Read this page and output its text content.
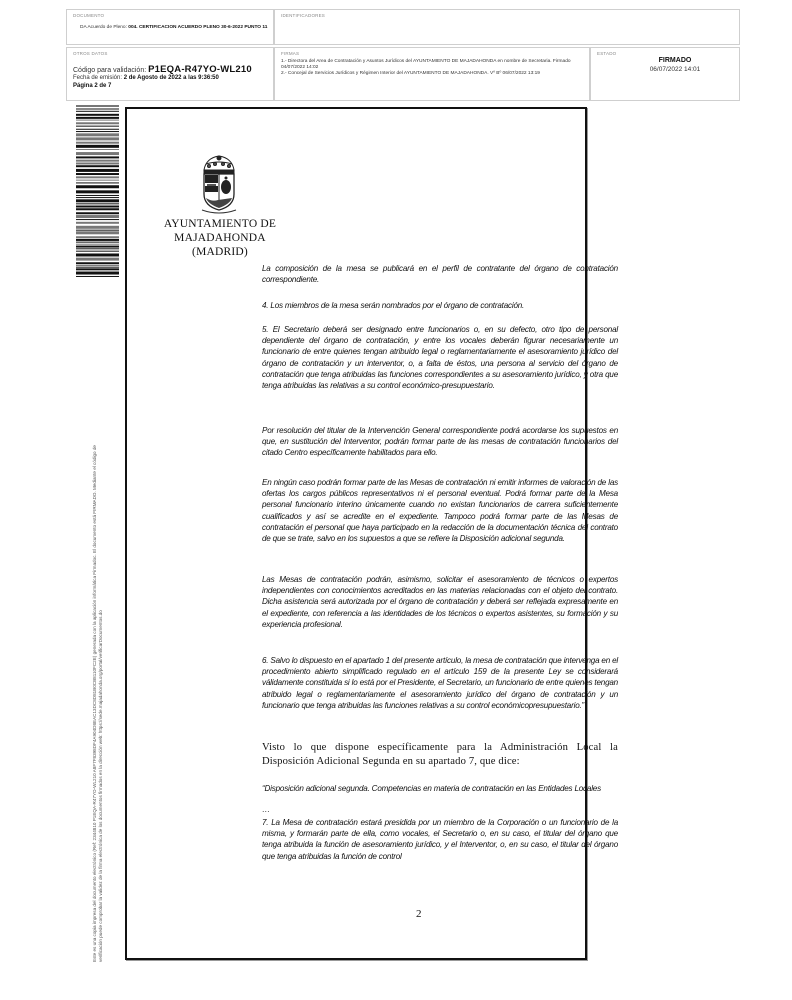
DOCUMENTO
DA Acuerdo de Pleno: 004. CERTIFICACION ACUERDO PLENO 30-6-2022 PUNTO 11
IDENTIFICADORES
OTROS DATOS
Código para validación: P1EQA-R47YO-WL210
Fecha de emisión: 2 de Agosto de 2022 a las 9:36:50
Página 2 de 7
FIRMAS
1.- Directora del Area de Contratación y Asuntos Jurídicos del AYUNTAMIENTO DE MAJADAHONDA en nombre de Secretaria. Firmado 04/07/2022 14:02
2.- Concejal de Servicios Jurídicos y Régimen Interior del AYUNTAMIENTO DE MAJADAHONDA. Vº Bº 06/07/2022 13:19
ESTADO
FIRMADO
06/07/2022 14:01
Este es una copia impresa del documento electrónico (Ref: 2344810 P1EQA-R47YO-WL210 A8F7F8398DF4A904D8EAC13DC8D81B0CB8110FC2E) generada con la aplicación informática Firmadoc. El documento está FIRMADO. Mediante el código de verificación puede comprobar la validez de la firma electrónica de los documentos firmados en la dirección web: https://sede.majadahonda.org/portal/verificarDocumentos.do
AYUNTAMIENTO DE
MAJADAHONDA
(MADRID)

La composición de la mesa se publicará en el perfil de contratante del órgano de contratación correspondiente.

4. Los miembros de la mesa serán nombrados por el órgano de contratación.

5. El Secretario deberá ser designado entre funcionarios o, en su defecto, otro tipo de personal dependiente del órgano de contratación, y entre los vocales deberán figurar necesariamente un funcionario de entre quienes tengan atribuido legal o reglamentariamente el asesoramiento jurídico del órgano de contratación y un interventor, o, a falta de éstos, una persona al servicio del órgano de contratación que tenga atribuidas las funciones correspondientes a su asesoramiento jurídico, y otra que tenga atribuidas las relativas a su control económico-presupuestario.

Por resolución del titular de la Intervención General correspondiente podrá acordarse los supuestos en que, en sustitución del Interventor, podrán formar parte de las mesas de contratación funcionarios del citado Centro específicamente habilitados para ello.

En ningún caso podrán formar parte de las Mesas de contratación ni emitir informes de valoración de las ofertas los cargos públicos representativos ni el personal eventual. Podrá formar parte de la Mesa personal funcionario interino únicamente cuando no existan funcionarios de carrera suficientemente cualificados y así se acredite en el expediente. Tampoco podrá formar parte de las Mesas de contratación el personal que haya participado en la redacción de la documentación técnica del contrato de que se trate, salvo en los supuestos a que se refiere la Disposición adicional segunda.

Las Mesas de contratación podrán, asimismo, solicitar el asesoramiento de técnicos o expertos independientes con conocimientos acreditados en las materias relacionadas con el objeto del contrato. Dicha asistencia será autorizada por el órgano de contratación y deberá ser reflejada expresamente en el expediente, con referencia a las identidades de los técnicos o expertos asistentes, su formación y su experiencia profesional.

6. Salvo lo dispuesto en el apartado 1 del presente artículo, la mesa de contratación que intervenga en el procedimiento abierto simplificado regulado en el artículo 159 de la presente Ley se considerará válidamente constituida si lo está por el Presidente, el Secretario, un funcionario de entre quienes tengan atribuido legal o reglamentariamente el asesoramiento jurídico del órgano de contratación y un funcionario que tenga atribuidas las funciones relativas a su control económicopresupuestario.”

Visto lo que dispone específicamente para la Administración Local la Disposición Adicional Segunda en su apartado 7, que dice:

“Disposición adicional segunda. Competencias en materia de contratación en las Entidades Locales

…

7. La Mesa de contratación estará presidida por un miembro de la Corporación o un funcionario de la misma, y formarán parte de ella, como vocales, el Secretario o, en su caso, el titular del órgano que tenga atribuida la función de asesoramiento jurídico, y el Interventor, o, en su caso, el titular del órgano que tenga atribuidas la función de control

2
